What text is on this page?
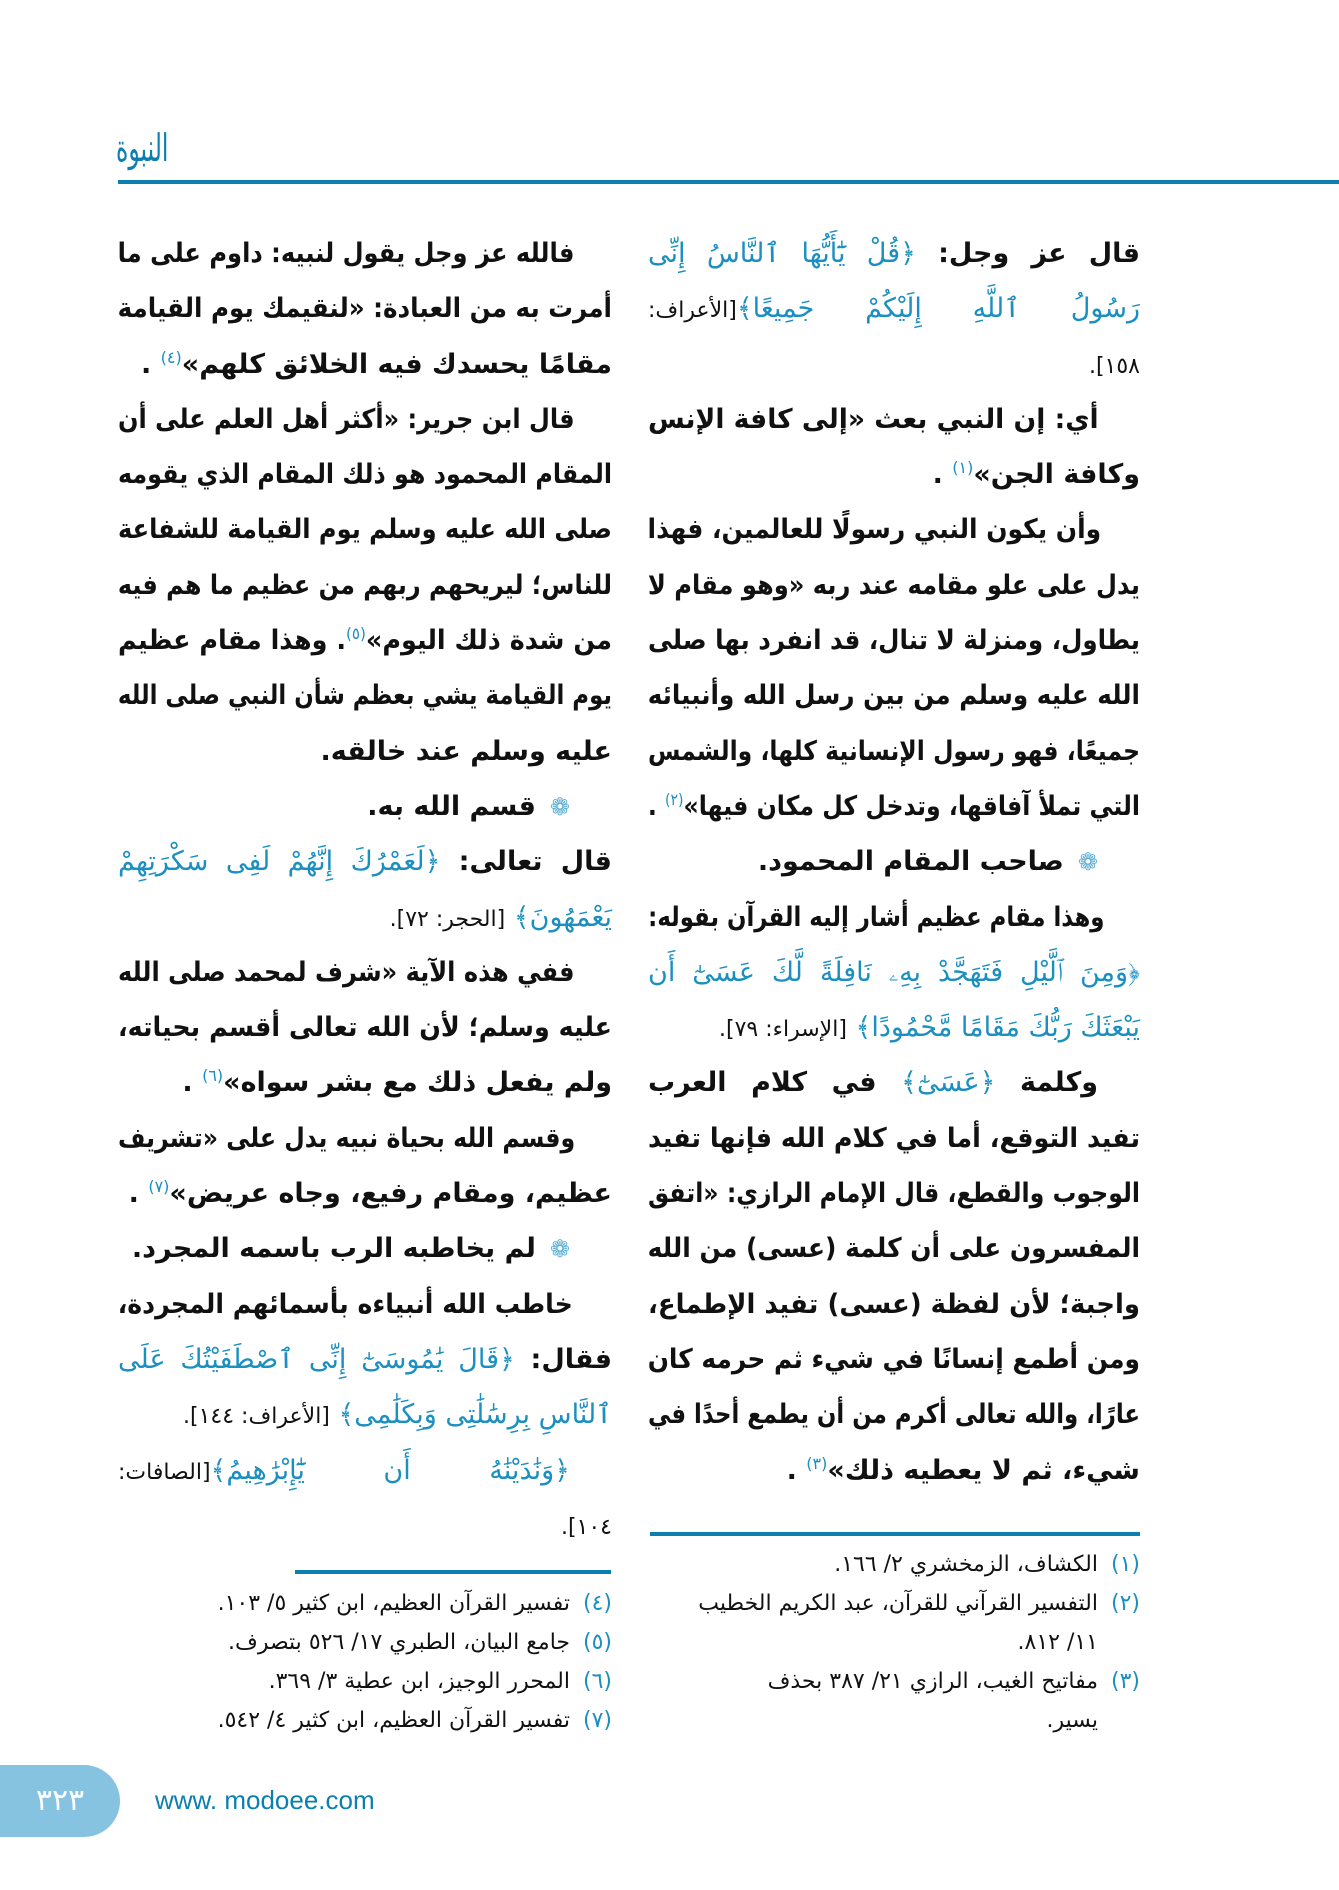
النبوة
قال عز وجل: ﴿قُلْ يَٰٓأَيُّهَا ٱلنَّاسُ إِنِّى
رَسُولُ ٱللَّهِ إِلَيْكُمْ جَمِيعًا﴾[الأعراف:
١٥٨].
أي: إن النبي بعث «إلى كافة الإنس
وكافة الجن»$^{(١)}$ .
وأن يكون النبي رسولًا للعالمين، فهذا
يدل على علو مقامه عند ربه «وهو مقام لا
يطاول، ومنزلة لا تنال، قد انفرد بها صلى
الله عليه وسلم من بين رسل الله وأنبيائه
جميعًا، فهو رسول الإنسانية كلها، والشمس
التي تملأ آفاقها، وتدخل كل مكان فيها»$^{(٢)}$ .
❁صاحب المقام المحمود.
وهذا مقام عظيم أشار إليه القرآن بقوله:
﴿وَمِنَ ٱلَّيْلِ فَتَهَجَّدْ بِهِۦ نَافِلَةً لَّكَ عَسَىٰٓ أَن
يَبْعَثَكَ رَبُّكَ مَقَامًا مَّحْمُودًا﴾ [الإسراء: ٧٩].
وكلمة ﴿عَسَىٰٓ﴾ في كلام العرب
تفيد التوقع، أما في كلام الله فإنها تفيد
الوجوب والقطع، قال الإمام الرازي: «اتفق
المفسرون على أن كلمة (عسى) من الله
واجبة؛ لأن لفظة (عسى) تفيد الإطماع،
ومن أطمع إنسانًا في شيء ثم حرمه كان
عارًا، والله تعالى أكرم من أن يطمع أحدًا في
شيء، ثم لا يعطيه ذلك»$^{(٣)}$ .
فالله عز وجل يقول لنبيه: داوم على ما
أمرت به من العبادة: «لنقيمك يوم القيامة
مقامًا يحسدك فيه الخلائق كلهم»$^{(٤)}$ .
قال ابن جرير: «أكثر أهل العلم على أن
المقام المحمود هو ذلك المقام الذي يقومه
صلى الله عليه وسلم يوم القيامة للشفاعة
للناس؛ ليريحهم ربهم من عظيم ما هم فيه
من شدة ذلك اليوم»$^{(٥)}$. وهذا مقام عظيم
يوم القيامة يشي بعظم شأن النبي صلى الله
عليه وسلم عند خالقه.
❁قسم الله به.
قال تعالى: ﴿لَعَمْرُكَ إِنَّهُمْ لَفِى سَكْرَتِهِمْ
يَعْمَهُونَ﴾ [الحجر: ٧٢].
ففي هذه الآية «شرف لمحمد صلى الله
عليه وسلم؛ لأن الله تعالى أقسم بحياته،
ولم يفعل ذلك مع بشر سواه»$^{(٦)}$ .
وقسم الله بحياة نبيه يدل على «تشريف
عظيم، ومقام رفيع، وجاه عريض»$^{(٧)}$ .
❁لم يخاطبه الرب باسمه المجرد.
خاطب الله أنبياءه بأسمائهم المجردة،
فقال: ﴿قَالَ يَٰمُوسَىٰٓ إِنِّى ٱصْطَفَيْتُكَ عَلَى
ٱلنَّاسِ بِرِسَٰلَٰتِى وَبِكَلَٰمِى﴾ [الأعراف: ١٤٤].
﴿وَنَٰدَيْنَٰهُ أَن يَٰٓإِبْرَٰهِيمُ﴾[الصافات:
١٠٤].
(١)الكشاف، الزمخشري ٢/ ١٦٦.
(٢)التفسير القرآني للقرآن، عبد الكريم الخطيب
١١/ ٨١٢.
(٣)مفاتيح الغيب، الرازي ٢١/ ٣٨٧ بحذف
يسير.
(٤)تفسير القرآن العظيم، ابن كثير ٥/ ١٠٣.
(٥)جامع البيان، الطبري ١٧/ ٥٢٦ بتصرف.
(٦)المحرر الوجيز، ابن عطية ٣/ ٣٦٩.
(٧)تفسير القرآن العظيم، ابن كثير ٤/ ٥٤٢.
٣٢٣	www. modoee.com
